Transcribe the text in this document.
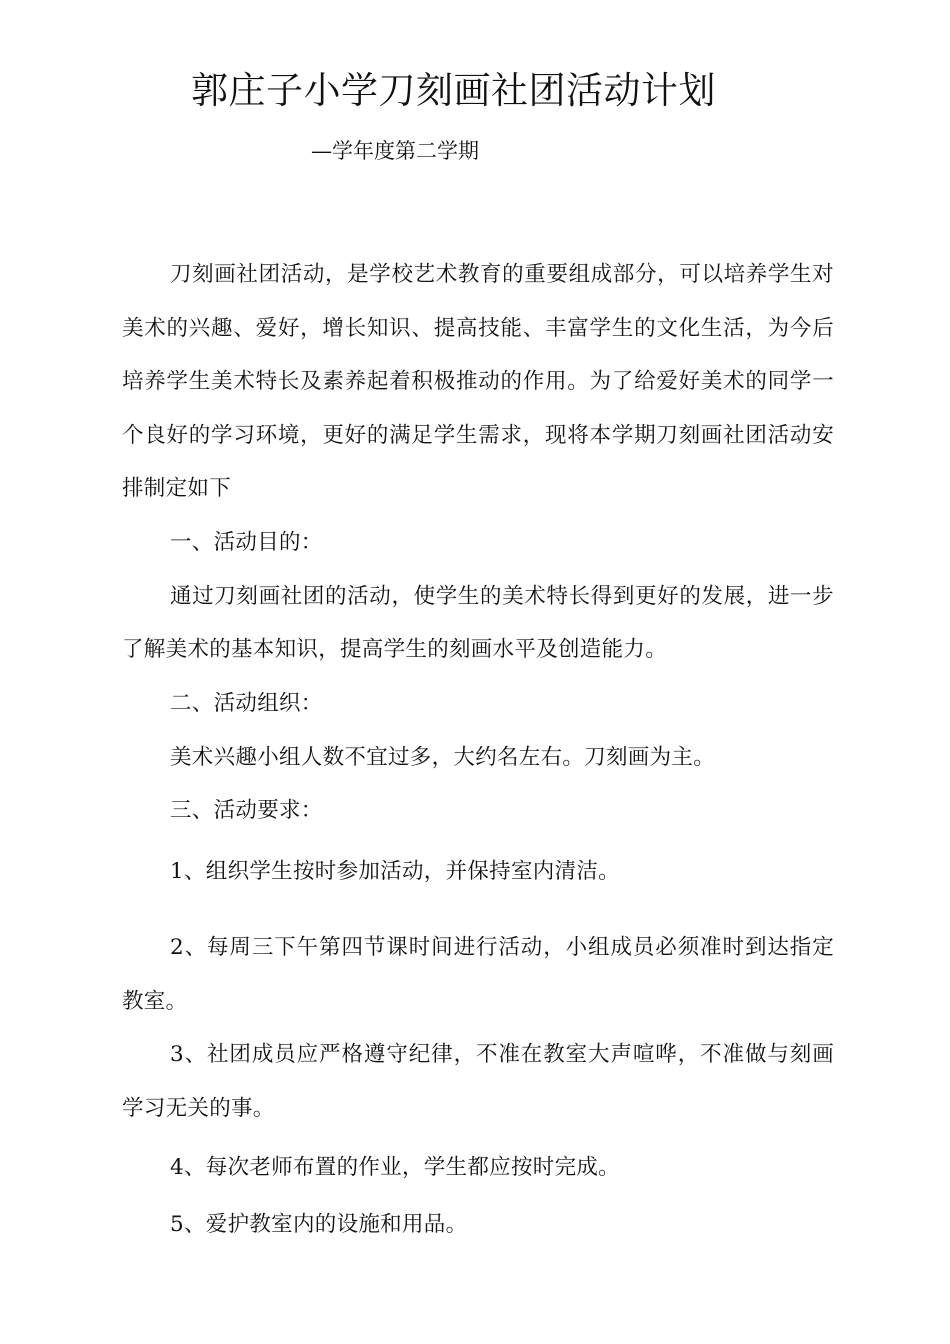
郭庄子小学刀刻画社团活动计划

—学年度第二学期

刀刻画社团活动，是学校艺术教育的重要组成部分，可以培养学生对美术的兴趣、爱好，增长知识、提高技能、丰富学生的文化生活，为今后培养学生美术特长及素养起着积极推动的作用。为了给爱好美术的同学一个良好的学习环境，更好的满足学生需求，现将本学期刀刻画社团活动安排制定如下

一、活动目的：

通过刀刻画社团的活动，使学生的美术特长得到更好的发展，进一步了解美术的基本知识，提高学生的刻画水平及创造能力。

二、活动组织：

美术兴趣小组人数不宜过多，大约名左右。刀刻画为主。

三、活动要求：

1、组织学生按时参加活动，并保持室内清洁。

2、每周三下午第四节课时间进行活动，小组成员必须准时到达指定教室。

3、社团成员应严格遵守纪律，不准在教室大声喧哗，不准做与刻画学习无关的事。

4、每次老师布置的作业，学生都应按时完成。

5、爱护教室内的设施和用品。
